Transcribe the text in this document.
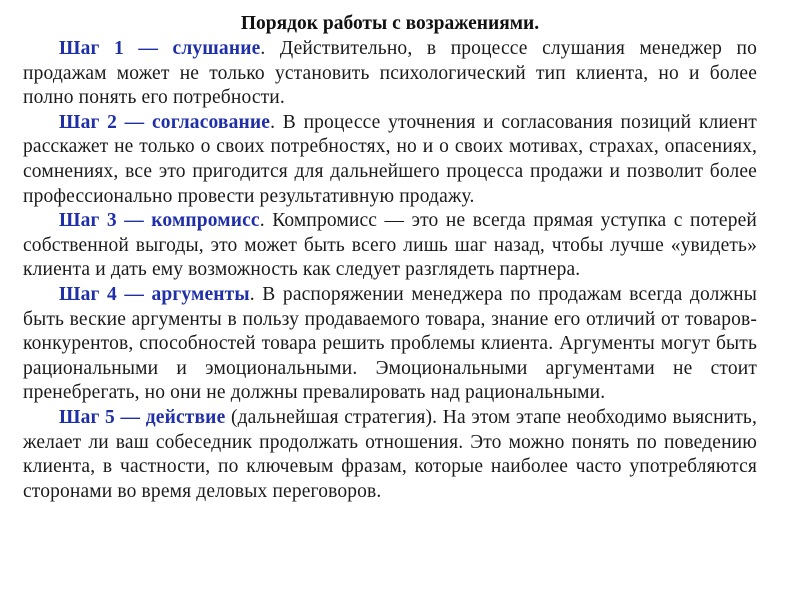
Порядок работы с возражениями.

Шаг 1 — слушание. Действительно, в процессе слушания менеджер по продажам может не только установить психологический тип клиента, но и более полно понять его потребности.

Шаг 2 — согласование. В процессе уточнения и согласования позиций клиент расскажет не только о своих потребностях, но и о своих мотивах, страхах, опасениях, сомнениях, все это пригодится для дальнейшего процесса продажи и позволит более профессионально провести результативную продажу.

Шаг 3 — компромисс. Компромисс — это не всегда прямая уступка с потерей собственной выгоды, это может быть всего лишь шаг назад, чтобы лучше «увидеть» клиента и дать ему возможность как следует разглядеть партнера.

Шаг 4 — аргументы. В распоряжении менеджера по продажам всегда должны быть веские аргументы в пользу продаваемого товара, знание его отличий от товаров-конкурентов, способностей товара решить проблемы клиента. Аргументы могут быть рациональными и эмоциональными. Эмоциональными аргументами не стоит пренебрегать, но они не должны превалировать над рациональными.

Шаг 5 — действие (дальнейшая стратегия). На этом этапе необходимо выяснить, желает ли ваш собеседник продолжать отношения. Это можно понять по поведению клиента, в частности, по ключевым фразам, которые наиболее часто употребляются сторонами во время деловых переговоров.
